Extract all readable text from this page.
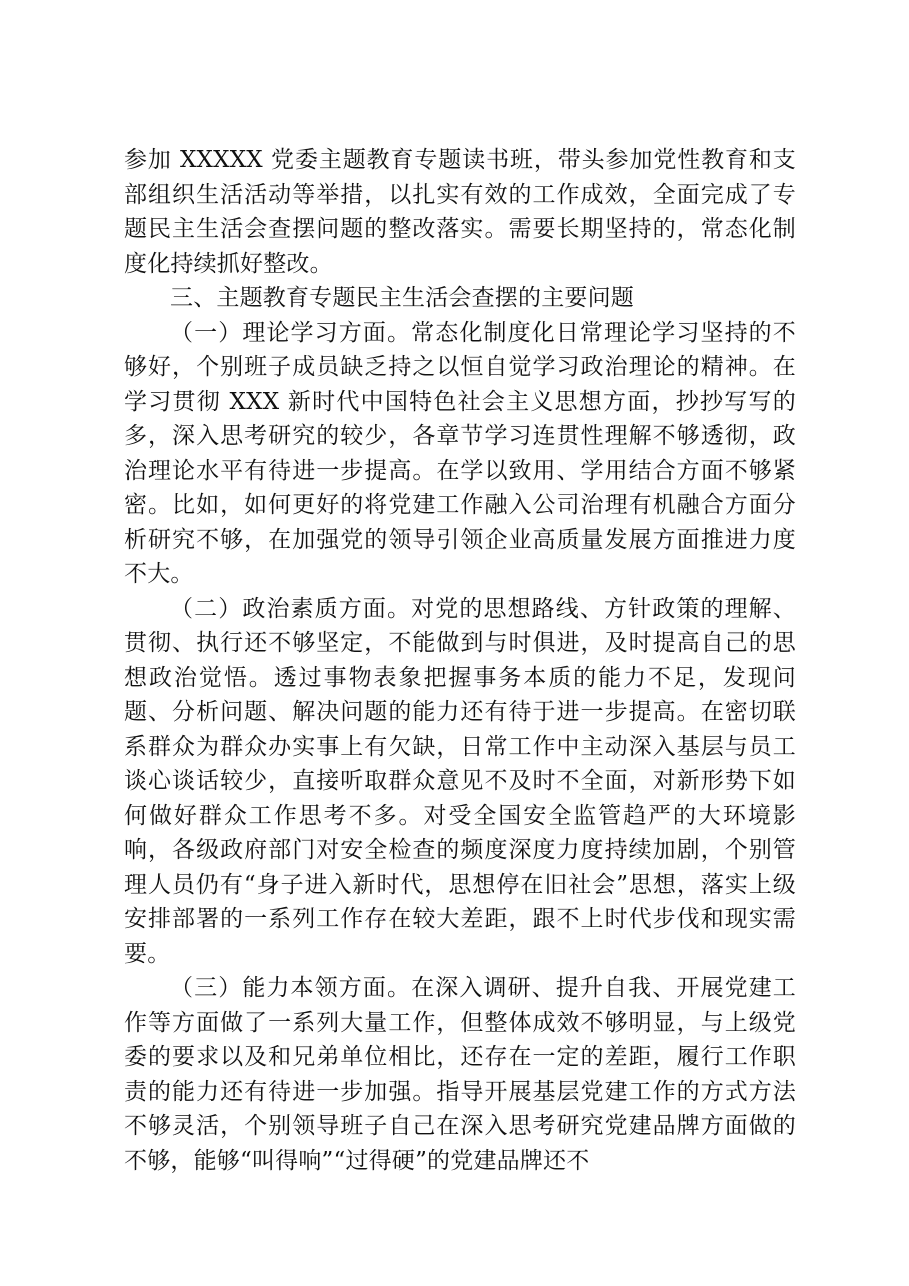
参加 XXXXX 党委主题教育专题读书班，带头参加党性教育和支部组织生活活动等举措，以扎实有效的工作成效，全面完成了专题民主生活会查摆问题的整改落实。需要长期坚持的，常态化制度化持续抓好整改。

三、主题教育专题民主生活会查摆的主要问题

（一）理论学习方面。常态化制度化日常理论学习坚持的不够好，个别班子成员缺乏持之以恒自觉学习政治理论的精神。在学习贯彻 XXX 新时代中国特色社会主义思想方面，抄抄写写的多，深入思考研究的较少，各章节学习连贯性理解不够透彻，政治理论水平有待进一步提高。在学以致用、学用结合方面不够紧密。比如，如何更好的将党建工作融入公司治理有机融合方面分析研究不够，在加强党的领导引领企业高质量发展方面推进力度不大。

（二）政治素质方面。对党的思想路线、方针政策的理解、贯彻、执行还不够坚定，不能做到与时俱进，及时提高自己的思想政治觉悟。透过事物表象把握事务本质的能力不足，发现问题、分析问题、解决问题的能力还有待于进一步提高。在密切联系群众为群众办实事上有欠缺，日常工作中主动深入基层与员工谈心谈话较少，直接听取群众意见不及时不全面，对新形势下如何做好群众工作思考不多。对受全国安全监管趋严的大环境影响，各级政府部门对安全检查的频度深度力度持续加剧，个别管理人员仍有“身子进入新时代，思想停在旧社会”思想，落实上级安排部署的一系列工作存在较大差距，跟不上时代步伐和现实需要。

（三）能力本领方面。在深入调研、提升自我、开展党建工作等方面做了一系列大量工作，但整体成效不够明显，与上级党委的要求以及和兄弟单位相比，还存在一定的差距，履行工作职责的能力还有待进一步加强。指导开展基层党建工作的方式方法不够灵活，个别领导班子自己在深入思考研究党建品牌方面做的不够，能够“叫得响”“过得硬”的党建品牌还不
